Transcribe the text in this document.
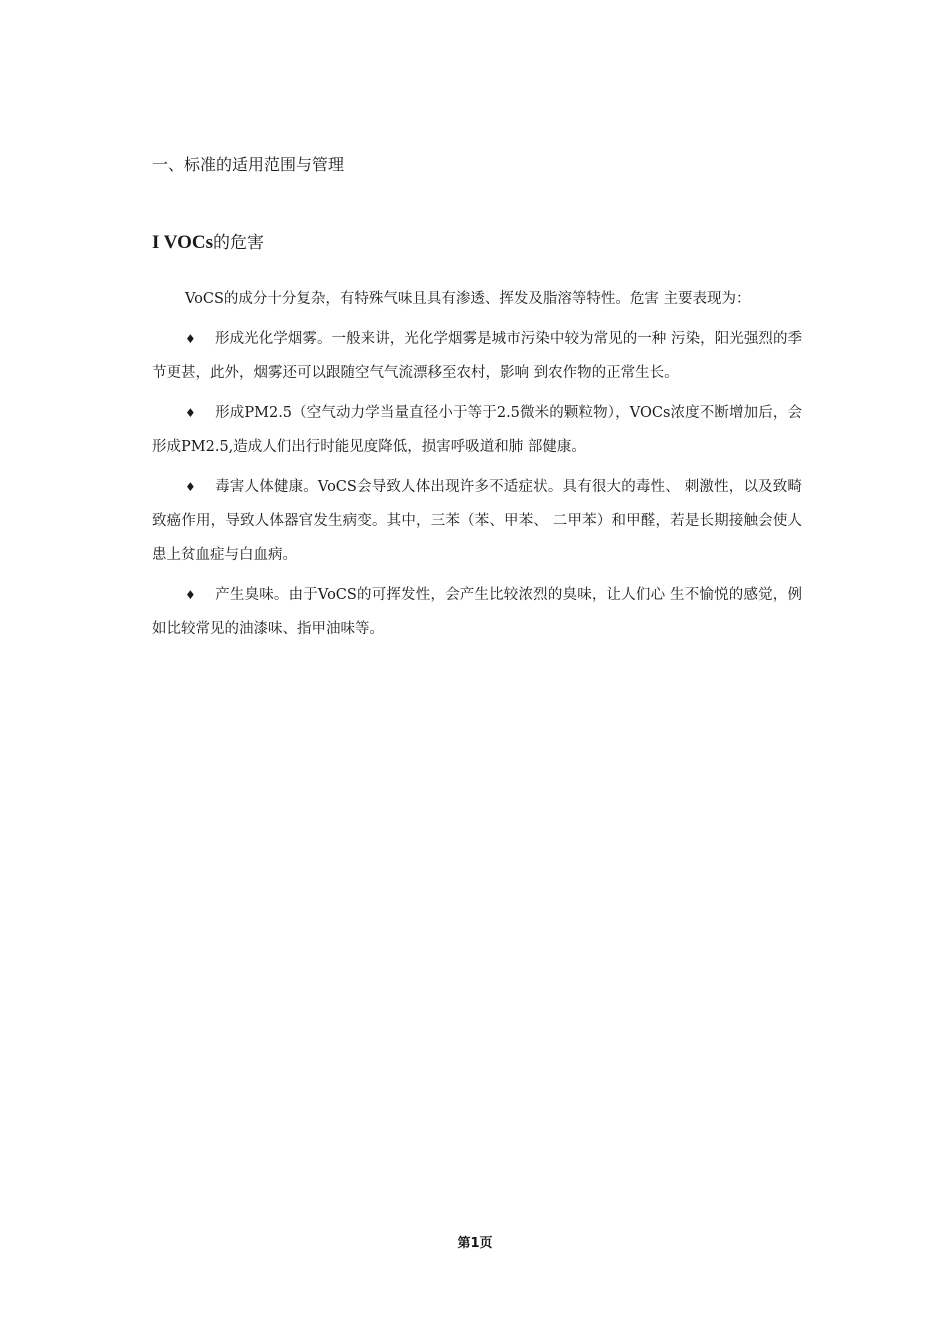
一、标准的适用范围与管理

I VOCs的危害

VoCS的成分十分复杂，有特殊气味且具有渗透、挥发及脂溶等特性。危害 主要表现为：

♦ 形成光化学烟雾。一般来讲，光化学烟雾是城市污染中较为常见的一种 污染，阳光强烈的季节更甚，此外，烟雾还可以跟随空气气流漂移至农村，影响 到农作物的正常生长。

♦ 形成PM2.5（空气动力学当量直径小于等于2.5微米的颗粒物），VOCs浓度不断增加后，会形成PM2.5,造成人们出行时能见度降低，损害呼吸道和肺 部健康。

♦ 毒害人体健康。VoCS会导致人体出现许多不适症状。具有很大的毒性、 刺激性，以及致畸致癌作用，导致人体器官发生病变。其中，三苯（苯、甲苯、 二甲苯）和甲醛，若是长期接触会使人患上贫血症与白血病。

♦ 产生臭味。由于VoCS的可挥发性，会产生比较浓烈的臭味，让人们心 生不愉悦的感觉，例如比较常见的油漆味、指甲油味等。

第1页
